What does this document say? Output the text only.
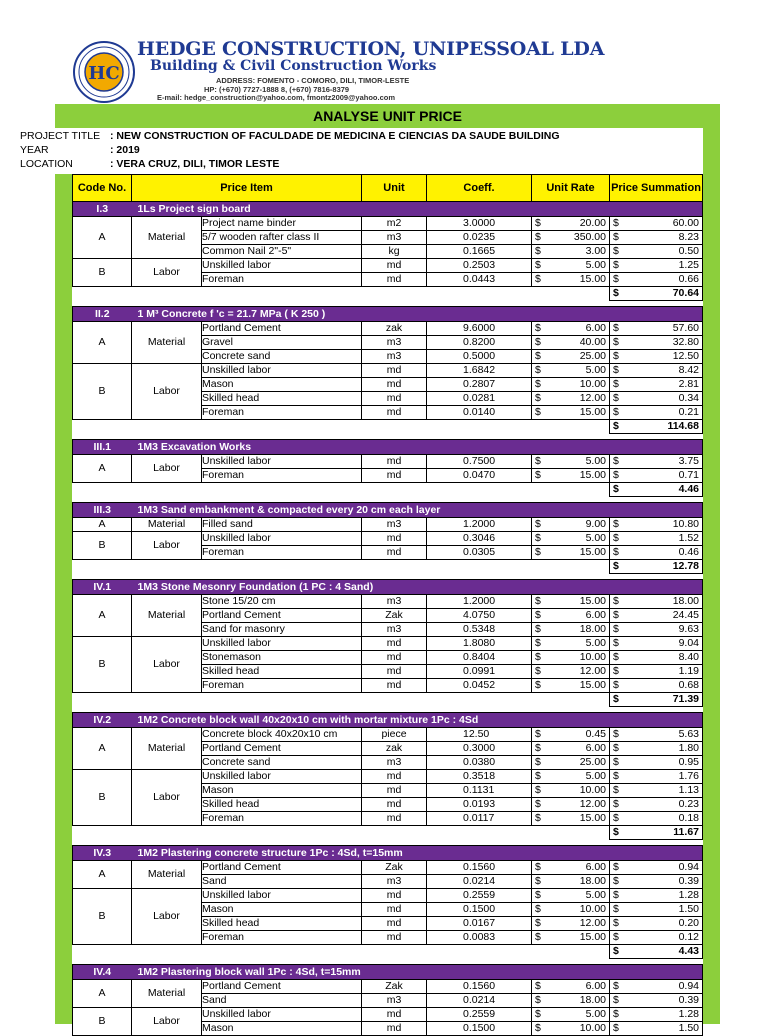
HC
HEDGE CONSTRUCTION, UNIPESSOAL LDA
Building & Civil Construction Works
ADDRESS: FOMENTO - COMORO, DILI, TIMOR-LESTE
HP: (+670) 7727-1888 8, (+670) 7816-8379
E-mail: hedge_construction@yahoo.com, fmontz2009@yahoo.com
ANALYSE UNIT PRICE
PROJECT TITLE : NEW CONSTRUCTION OF FACULDADE DE MEDICINA E CIENCIAS DA SAUDE BUILDING
YEAR	: 2019
LOCATION	: VERA CRUZ, DILI, TIMOR LESTE
Code No.	Price Item		Unit	Coeff.	Unit Rate	Price Summation
I.3	1Ls Project sign board					
A	Material	Project name binder	m2	3.0000	$ 20.00	$ 60.00

		5/7 wooden rafter class II	m3	0.0235	$ 350.00	$ 8.23

		Common Nail 2"-5"	kg	0.1665	$ 3.00	$ 0.50

B	Labor	Unskilled labor	md	0.2503	$ 5.00	$ 1.25

		Foreman	md	0.0443	$ 15.00	$ 0.66

						$ 70.64

II.2	1 M³ Concrete f 'c = 21.7 MPa ( K 250 )					
A	Material	Portland Cement	zak	9.6000	$ 6.00	$ 57.60

		Gravel	m3	0.8200	$ 40.00	$ 32.80

		Concrete sand	m3	0.5000	$ 25.00	$ 12.50

B	Labor	Unskilled labor	md	1.6842	$ 5.00	$ 8.42

		Mason	md	0.2807	$ 10.00	$ 2.81

		Skilled head	md	0.0281	$ 12.00	$ 0.34

		Foreman	md	0.0140	$ 15.00	$ 0.21

						$ 114.68

III.1	1M3 Excavation Works					
A	Labor	Unskilled labor	md	0.7500	$ 5.00	$ 3.75

		Foreman	md	0.0470	$ 15.00	$ 0.71

						$ 4.46

III.3	1M3 Sand embankment & compacted every 20 cm each layer					
A	Material	Filled sand	m3	1.2000	$ 9.00	$ 10.80

B	Labor	Unskilled labor	md	0.3046	$ 5.00	$ 1.52

		Foreman	md	0.0305	$ 15.00	$ 0.46

						$ 12.78

IV.1	1M3 Stone Mesonry Foundation (1 PC : 4 Sand)					
A	Material	Stone 15/20 cm	m3	1.2000	$ 15.00	$ 18.00

		Portland Cement	Zak	4.0750	$ 6.00	$ 24.45

		Sand for masonry	m3	0.5348	$ 18.00	$ 9.63

B	Labor	Unskilled labor	md	1.8080	$ 5.00	$ 9.04

		Stonemason	md	0.8404	$ 10.00	$ 8.40

		Skilled head	md	0.0991	$ 12.00	$ 1.19

		Foreman	md	0.0452	$ 15.00	$ 0.68

						$ 71.39

IV.2	1M2 Concrete block wall 40x20x10 cm with mortar mixture 1Pc : 4Sd					
A	Material	Concrete block 40x20x10 cm	piece	12.50	$ 0.45	$ 5.63

		Portland Cement	zak	0.3000	$ 6.00	$ 1.80

		Concrete sand	m3	0.0380	$ 25.00	$ 0.95

B	Labor	Unskilled labor	md	0.3518	$ 5.00	$ 1.76

		Mason	md	0.1131	$ 10.00	$ 1.13

		Skilled head	md	0.0193	$ 12.00	$ 0.23

		Foreman	md	0.0117	$ 15.00	$ 0.18

						$ 11.67

IV.3	1M2 Plastering concrete structure 1Pc : 4Sd, t=15mm					
A	Material	Portland Cement	Zak	0.1560	$ 6.00	$ 0.94

		Sand	m3	0.0214	$ 18.00	$ 0.39

B	Labor	Unskilled labor	md	0.2559	$ 5.00	$ 1.28

		Mason	md	0.1500	$ 10.00	$ 1.50

		Skilled head	md	0.0167	$ 12.00	$ 0.20

		Foreman	md	0.0083	$ 15.00	$ 0.12

						$ 4.43

IV.4	1M2 Plastering block wall 1Pc : 4Sd, t=15mm					
A	Material	Portland Cement	Zak	0.1560	$ 6.00	$ 0.94

		Sand	m3	0.0214	$ 18.00	$ 0.39

B	Labor	Unskilled labor	md	0.2559	$ 5.00	$ 1.28

		Mason	md	0.1500	$ 10.00	$ 1.50
